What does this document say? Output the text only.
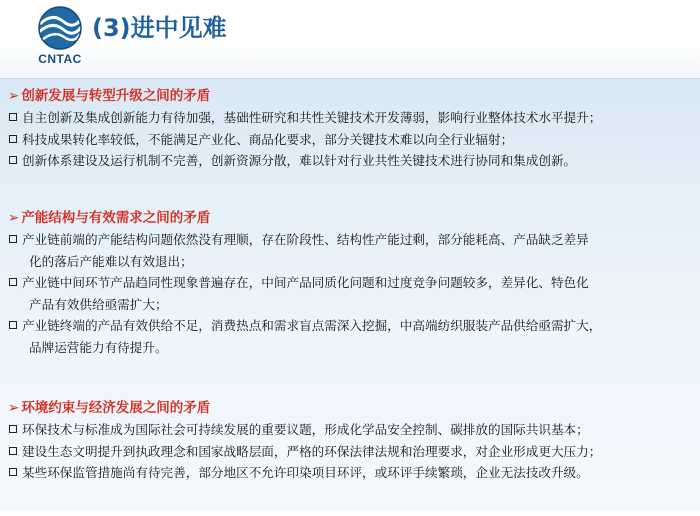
CNTAC
(3)进中见难
➢ 创新发展与转型升级之间的矛盾
自主创新及集成创新能力有待加强，基础性研究和共性关键技术开发薄弱，影响行业整体技术水平提升；
科技成果转化率较低，不能满足产业化、商品化要求，部分关键技术难以向全行业辐射；
创新体系建设及运行机制不完善，创新资源分散，难以针对行业共性关键技术进行协同和集成创新。
➢ 产能结构与有效需求之间的矛盾
产业链前端的产能结构问题依然没有理顺，存在阶段性、结构性产能过剩，部分能耗高、产品缺乏差异
化的落后产能难以有效退出；
产业链中间环节产品趋同性现象普遍存在，中间产品同质化问题和过度竞争问题较多，差异化、特色化
产品有效供给亟需扩大；
产业链终端的产品有效供给不足，消费热点和需求盲点需深入挖掘，中高端纺织服装产品供给亟需扩大，
品牌运营能力有待提升。
➢ 环境约束与经济发展之间的矛盾
环保技术与标准成为国际社会可持续发展的重要议题，形成化学品安全控制、碳排放的国际共识基本；
建设生态文明提升到执政理念和国家战略层面，严格的环保法律法规和治理要求，对企业形成更大压力；
某些环保监管措施尚有待完善，部分地区不允许印染项目环评，或环评手续繁琐，企业无法技改升级。
